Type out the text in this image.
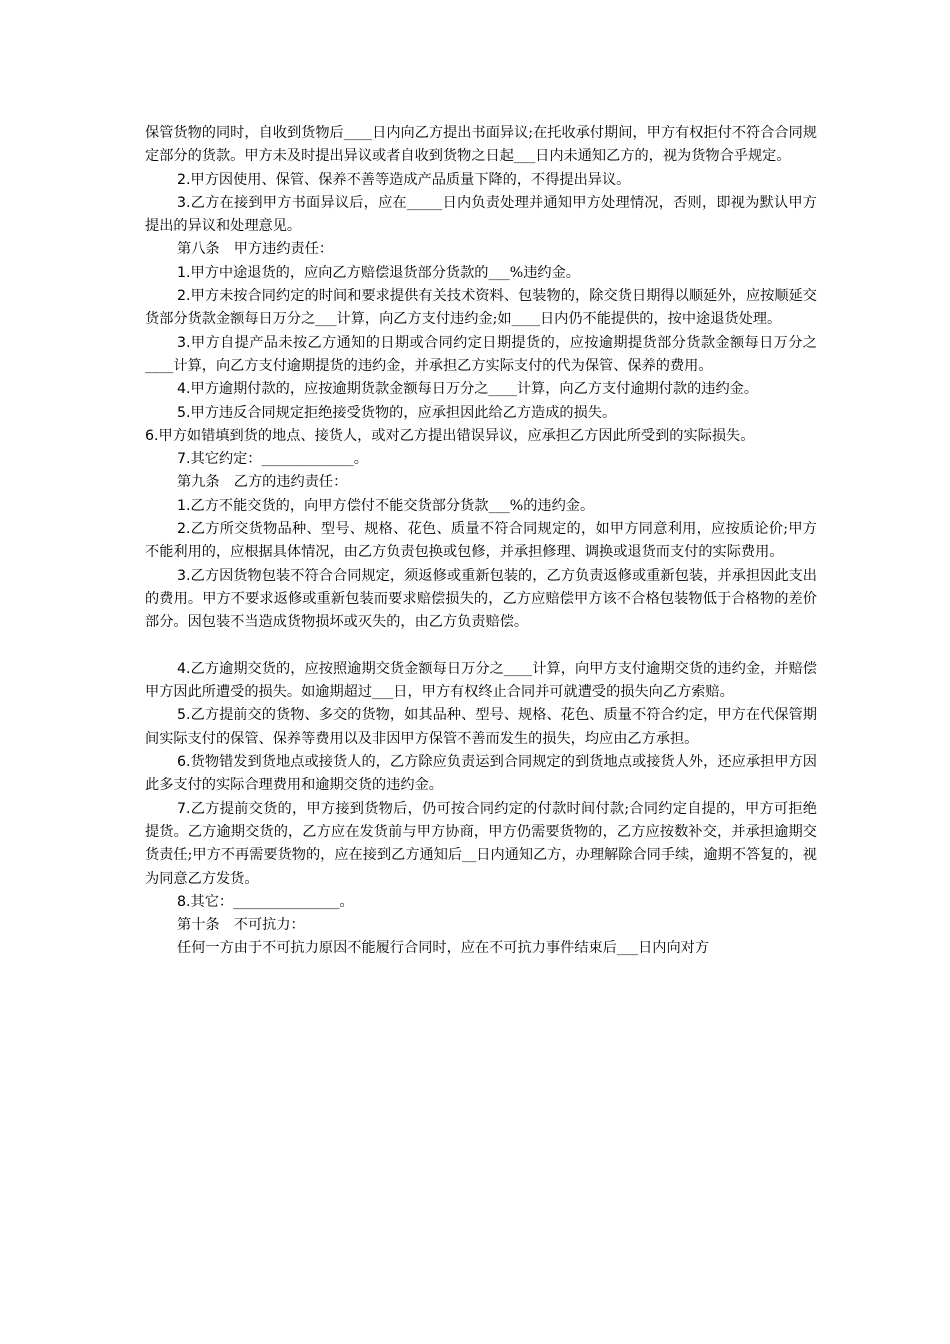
保管货物的同时，自收到货物后____日内向乙方提出书面异议;在托收承付期间，甲方有权拒付不符合合同规定部分的货款。甲方未及时提出异议或者自收到货物之日起___日内未通知乙方的，视为货物合乎规定。

2.甲方因使用、保管、保养不善等造成产品质量下降的，不得提出异议。

3.乙方在接到甲方书面异议后，应在_____日内负责处理并通知甲方处理情况，否则，即视为默认甲方提出的异议和处理意见。

第八条　甲方违约责任：

1.甲方中途退货的，应向乙方赔偿退货部分货款的___%违约金。

2.甲方未按合同约定的时间和要求提供有关技术资料、包装物的，除交货日期得以顺延外，应按顺延交货部分货款金额每日万分之___计算，向乙方支付违约金;如____日内仍不能提供的，按中途退货处理。

3.甲方自提产品未按乙方通知的日期或合同约定日期提货的，应按逾期提货部分货款金额每日万分之____计算，向乙方支付逾期提货的违约金，并承担乙方实际支付的代为保管、保养的费用。

4.甲方逾期付款的，应按逾期货款金额每日万分之____计算，向乙方支付逾期付款的违约金。

5.甲方违反合同规定拒绝接受货物的，应承担因此给乙方造成的损失。

6.甲方如错填到货的地点、接货人，或对乙方提出错误异议，应承担乙方因此所受到的实际损失。

7.其它约定：_____________。

第九条　乙方的违约责任：

1.乙方不能交货的，向甲方偿付不能交货部分货款___%的违约金。

2.乙方所交货物品种、型号、规格、花色、质量不符合同规定的，如甲方同意利用，应按质论价;甲方不能利用的，应根据具体情况，由乙方负责包换或包修，并承担修理、调换或退货而支付的实际费用。

3.乙方因货物包装不符合合同规定，须返修或重新包装的，乙方负责返修或重新包装，并承担因此支出的费用。甲方不要求返修或重新包装而要求赔偿损失的，乙方应赔偿甲方该不合格包装物低于合格物的差价部分。因包装不当造成货物损坏或灭失的，由乙方负责赔偿。

4.乙方逾期交货的，应按照逾期交货金额每日万分之____计算，向甲方支付逾期交货的违约金，并赔偿甲方因此所遭受的损失。如逾期超过___日，甲方有权终止合同并可就遭受的损失向乙方索赔。

5.乙方提前交的货物、多交的货物，如其品种、型号、规格、花色、质量不符合约定，甲方在代保管期间实际支付的保管、保养等费用以及非因甲方保管不善而发生的损失，均应由乙方承担。

6.货物错发到货地点或接货人的，乙方除应负责运到合同规定的到货地点或接货人外，还应承担甲方因此多支付的实际合理费用和逾期交货的违约金。

7.乙方提前交货的，甲方接到货物后，仍可按合同约定的付款时间付款;合同约定自提的，甲方可拒绝提货。乙方逾期交货的，乙方应在发货前与甲方协商，甲方仍需要货物的，乙方应按数补交，并承担逾期交货责任;甲方不再需要货物的，应在接到乙方通知后__日内通知乙方，办理解除合同手续，逾期不答复的，视为同意乙方发货。

8.其它：_______________。

第十条　不可抗力：

任何一方由于不可抗力原因不能履行合同时，应在不可抗力事件结束后___日内向对方
